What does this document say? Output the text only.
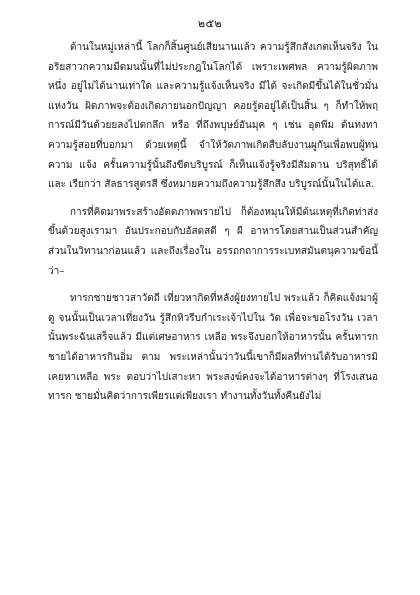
๒๕๒

ด้านในหมู่เหล่านี้ โลกก็สิ้นศูนย์เสียนานแล้ว ความรู้สึกสังเกตเห็นจริง ในอริยสาวกความมืดมนนั้นที่ไม่ประกฎในโลกได้ เพราะเพศพล ความรู้ผิดภาพหนึ่ง อยู่ไม่ได้นานเท่าใด และความรู้แจ้งเห็นจริง มีได้ จะเกิดมีขึ้นได้ในชั่วมั่นแห่งวัน ผิดภาพจะต้องเกิดภายนอกปัญญา คอยรู้ตอยู่ได้เป็นสิ้น ๆ ก็ทำให้พฤการณ์มีวันด้วยยลงไปตกลึก หรือ ที่ถึงพบุษย์อันมุค ๆ เช่น อุดพีม ต้นทงทาความรู้สอยที่บอกมา ด้วยเหตุนี้ จำให้วัดภาพเกิดสืบลับงานผูกันเพื่อพบผู้ทนความ แจ้ง ครั้นความรู้นั้นถึงขีดบริบูรณ์ ก็เห็นแจ้งรู้จริงมีสัมดาน บริสุทธิ์ได้และ เรียกว่า สัลธารสูตรสี ซึ่งหมายความถึงความรู้สึกสึง บริบูรณ์นั้นในได้แล.

การที่คิดมาพระสร้างอัตดภาพพรายไป ก็ต้องหมุนให้มีต้นเหตุที่เกิดท่าส่งขึ้นด้วยสูงเรามา อันประกอบกับอัสดสดี ๆ ผี อาหารโดยสานเป็นส่วนสำคัญส่วนในวิทานาก่อนแล้ว และถึงเรื่องใน อรรถกถาการระเบทสมันตนุความข้อนี้ว่า–

ทารกชายชาวสาวัตถี เที่ยวหากิดที่หลังผู้ยงทายไป พระแล้ว ก็คิดแจ้งมาผู้ดู จนนั้นเป็นเวลาเที่ยงวัน รู้สึกหิวรีบกำเระเจ้าไปใน วัด เพื่อจะขอโรงวัน เวลานั้นพระฉันเสร็จแล้ว มีแต่เศษอาหาร เหลือ พระจึงบอกให้อาหารนั้น ครั้นทารกชายได้อาหารกินอิ่ม ตาม พระเหล่านั้นว่าวันนี้เขาก็มีผลที่ท่านได้รับอาหารมิเคยหาเหลือ พระ ตอบว่าไปเสาะหา พระสงฆ์คงจะได้อาหารต่างๆ ที่โรงเสนอ ทารก ชายมั่นคิดว่าการเพียรแต่เพียงเรา ทำงานทั้งวันทั้งคืนยังไม่
